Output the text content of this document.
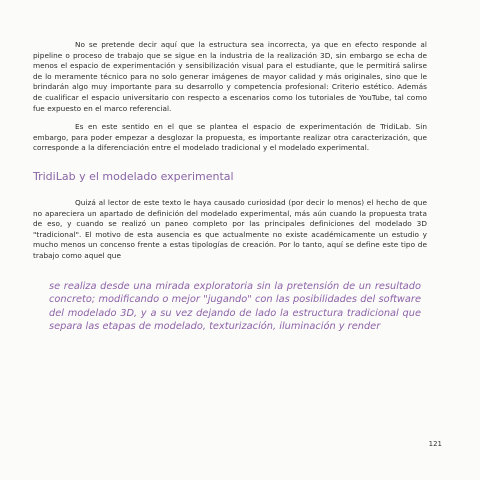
No se pretende decir aquí que la estructura sea incorrecta, ya que en efecto responde al pipeline o proceso de trabajo que se sigue en la industria de la realización 3D, sin embargo se echa de menos el espacio de experimentación y sensibilización visual para el estudiante, que le permitirá salirse de lo meramente técnico para no solo generar imágenes de mayor calidad y más originales, sino que le brindarán algo muy importante para su desarrollo y competencia profesional: Criterio estético. Además de cualificar el espacio universitario con respecto a escenarios como los tutoriales de YouTube, tal como fue expuesto en el marco referencial.

Es en este sentido en el que se plantea el espacio de experimentación de TridiLab. Sin embargo, para poder empezar a desglozar la propuesta, es importante realizar otra caracterización, que corresponde a la diferenciación entre el modelado tradicional y el modelado experimental.

TridiLab y el modelado experimental

Quizá al lector de este texto le haya causado curiosidad (por decir lo menos) el hecho de que no apareciera un apartado de definición del modelado experimental, más aún cuando la propuesta trata de eso, y cuando se realizó un paneo completo por las principales definiciones del modelado 3D "tradicional". El motivo de esta ausencia es que actualmente no existe académicamente un estudio y mucho menos un concenso frente a estas tipologías de creación. Por lo tanto, aquí se define este tipo de trabajo como aquel que

se realiza desde una mirada exploratoria sin la pretensión de un resultado concreto; modificando o mejor "jugando" con las posibilidades del software del modelado 3D, y a su vez dejando de lado la estructura tradicional que separa las etapas de modelado, texturización, iluminación y render

121
